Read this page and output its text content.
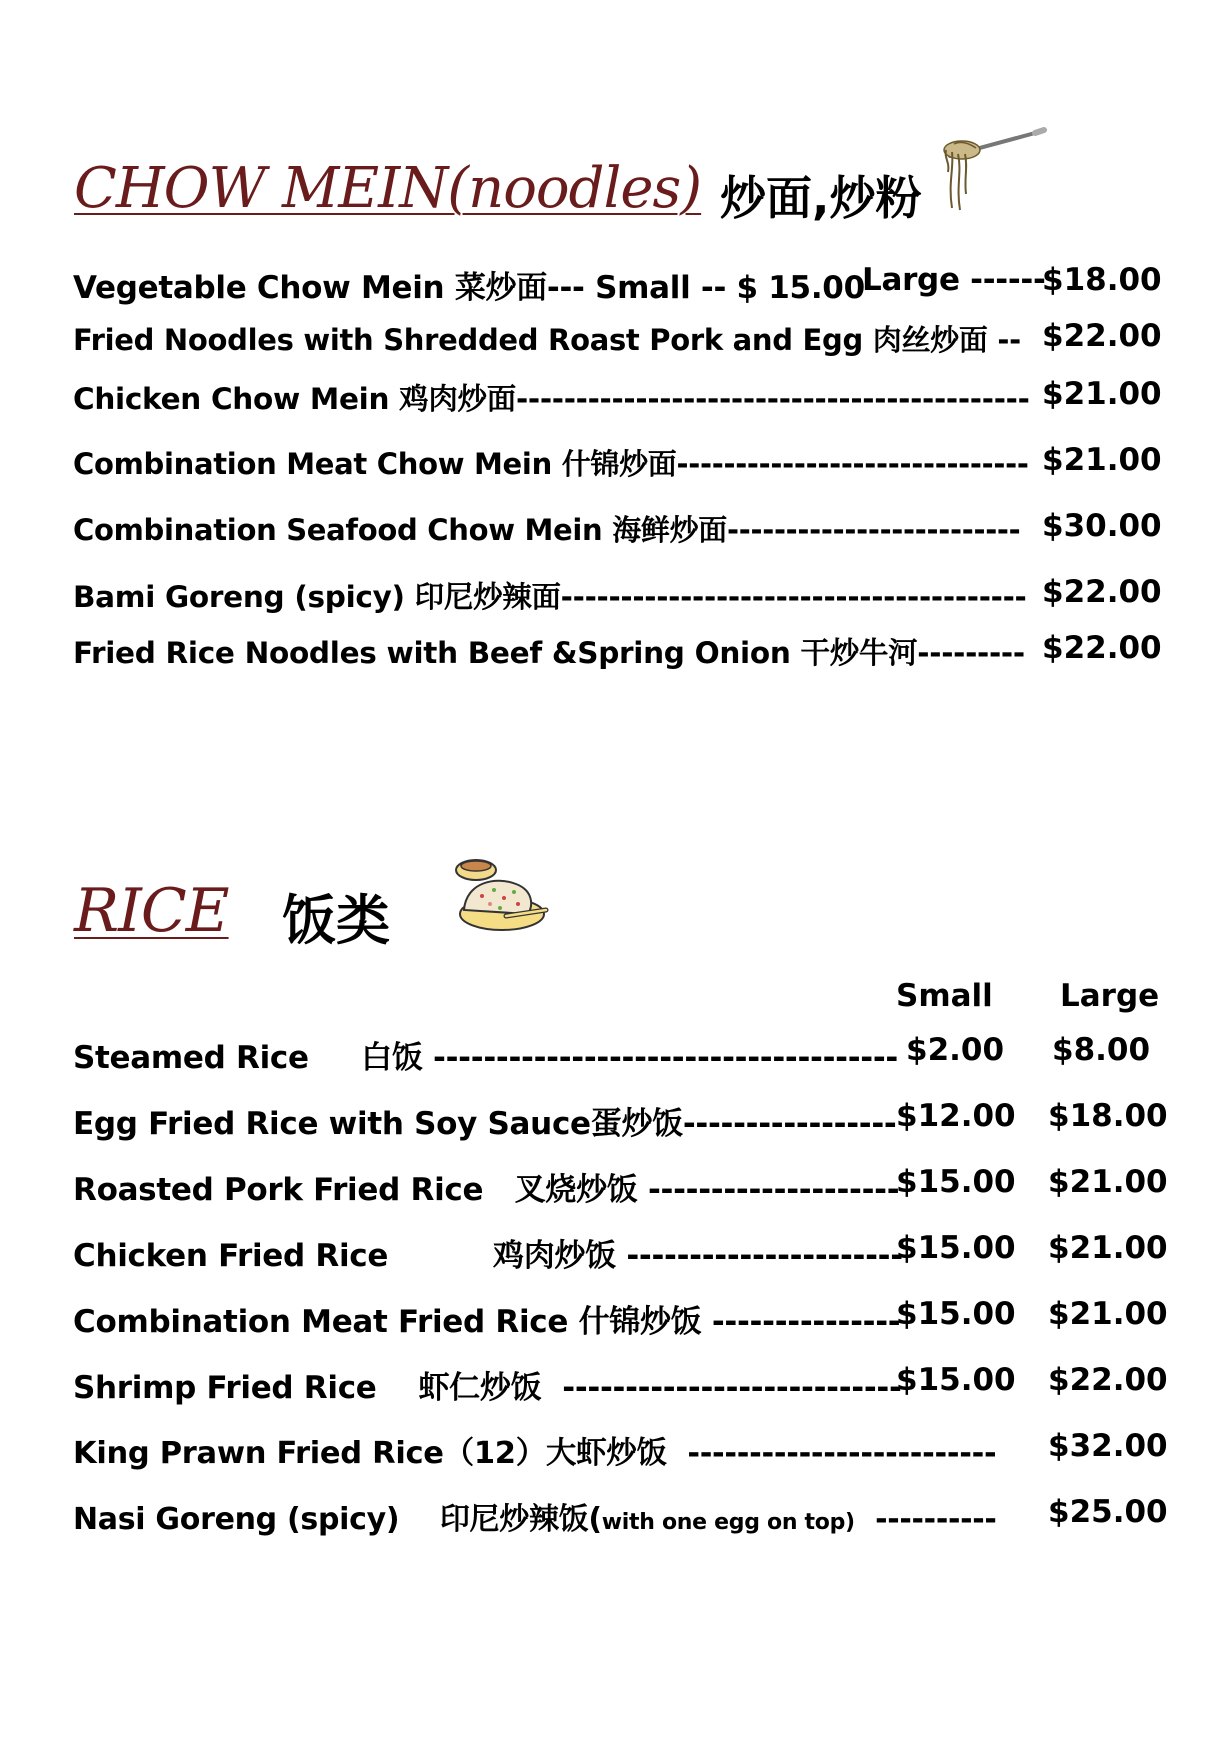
CHOW MEIN(noodles) 炒面,炒粉
Vegetable Chow Mein 菜炒面--- Small -- $ 15.00
Large ------
$18.00
Fried Noodles with Shredded Roast Pork and Egg 肉丝炒面 -- $22.00
Chicken Chow Mein 鸡肉炒面------------------------------------------- $21.00
Combination Meat Chow Mein 什锦炒面------------------------------ $21.00
Combination Seafood Chow Mein 海鲜炒面------------------------- $30.00
Bami Goreng (spicy) 印尼炒辣面--------------------------------------- $22.00
Fried Rice Noodles with Beef &Spring Onion 干炒牛河--------- $22.00
RICE 饭类
Small Large
Steamed Rice     白饭 ------------------------------------- $2.00 $8.00
Egg Fried Rice with Soy Sauce蛋炒饭----------------- $12.00 $18.00
Roasted Pork Fried Rice   叉烧炒饭 --------------------
$15.00 $21.00
Chicken Fried Rice          鸡肉炒饭 ----------------------
$15.00 $21.00
Combination Meat Fried Rice 什锦炒饭 ---------------
$15.00 $21.00
Shrimp Fried Rice    虾仁炒饭  ---------------------------
$15.00 $22.00
King Prawn Fried Rice（12）大虾炒饭  ------------------------- $32.00
Nasi Goreng (spicy)    印尼炒辣饭(with one egg on top)  ---------- $25.00
